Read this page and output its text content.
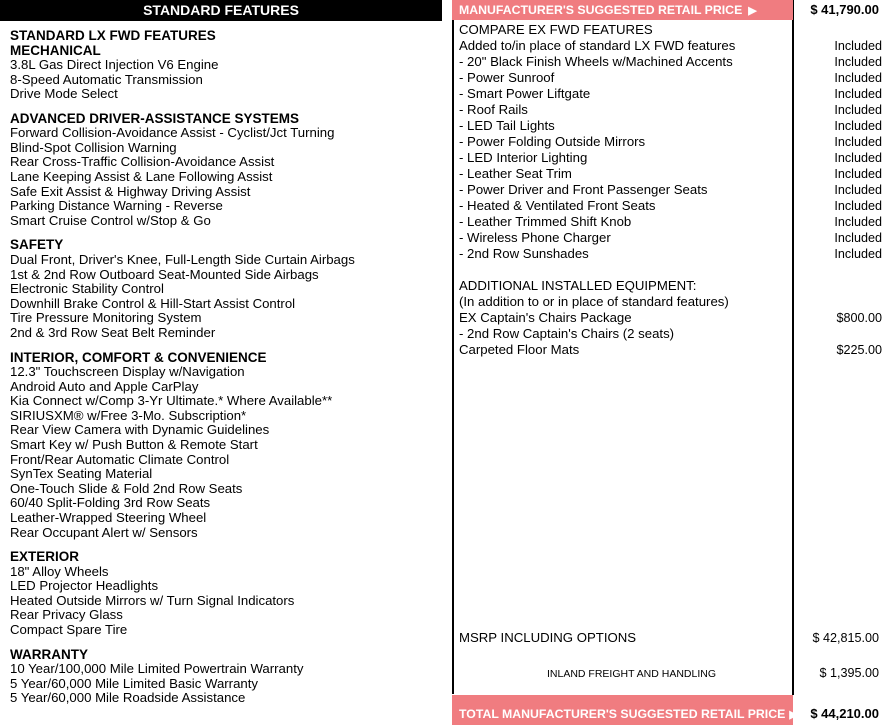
STANDARD FEATURES
STANDARD LX FWD FEATURES
MECHANICAL
3.8L Gas Direct Injection V6 Engine
8-Speed Automatic Transmission
Drive Mode Select
ADVANCED DRIVER-ASSISTANCE SYSTEMS
Forward Collision-Avoidance Assist - Cyclist/Jct Turning
Blind-Spot Collision Warning
Rear Cross-Traffic Collision-Avoidance Assist
Lane Keeping Assist & Lane Following Assist
Safe Exit Assist & Highway Driving Assist
Parking Distance Warning - Reverse
Smart Cruise Control w/Stop & Go
SAFETY
Dual Front, Driver's Knee, Full-Length Side Curtain Airbags
1st & 2nd Row Outboard Seat-Mounted Side Airbags
Electronic Stability Control
Downhill Brake Control & Hill-Start Assist Control
Tire Pressure Monitoring System
2nd & 3rd Row Seat Belt Reminder
INTERIOR, COMFORT & CONVENIENCE
12.3" Touchscreen Display w/Navigation
Android Auto and Apple CarPlay
Kia Connect w/Comp 3-Yr Ultimate.* Where Available**
SIRIUSXM® w/Free 3-Mo. Subscription*
Rear View Camera with Dynamic Guidelines
Smart Key w/ Push Button & Remote Start
Front/Rear Automatic Climate Control
SynTex Seating Material
One-Touch Slide & Fold 2nd Row Seats
60/40 Split-Folding 3rd Row Seats
Leather-Wrapped Steering Wheel
Rear Occupant Alert w/ Sensors
EXTERIOR
18" Alloy Wheels
LED Projector Headlights
Heated Outside Mirrors w/ Turn Signal Indicators
Rear Privacy Glass
Compact Spare Tire
WARRANTY
10 Year/100,000 Mile Limited Powertrain Warranty
5 Year/60,000 Mile Limited Basic Warranty
5 Year/60,000 Mile Roadside Assistance
MANUFACTURER'S SUGGESTED RETAIL PRICE ▶	$ 41,790.00
COMPARE EX FWD FEATURES
Added to/in place of standard LX FWD features	Included
- 20" Black Finish Wheels w/Machined Accents	Included
- Power Sunroof	Included
- Smart Power Liftgate	Included
- Roof Rails	Included
- LED Tail Lights	Included
- Power Folding Outside Mirrors	Included
- LED Interior Lighting	Included
- Leather Seat Trim	Included
- Power Driver and Front Passenger Seats	Included
- Heated & Ventilated Front Seats	Included
- Leather Trimmed Shift Knob	Included
- Wireless Phone Charger	Included
- 2nd Row Sunshades	Included
ADDITIONAL INSTALLED EQUIPMENT:
(In addition to or in place of standard features)
EX Captain's Chairs Package	$800.00
- 2nd Row Captain's Chairs (2 seats)
Carpeted Floor Mats	$225.00
MSRP INCLUDING OPTIONS	$ 42,815.00
INLAND FREIGHT AND HANDLING	$ 1,395.00
TOTAL MANUFACTURER'S SUGGESTED RETAIL PRICE ▶ $ 44,210.00
